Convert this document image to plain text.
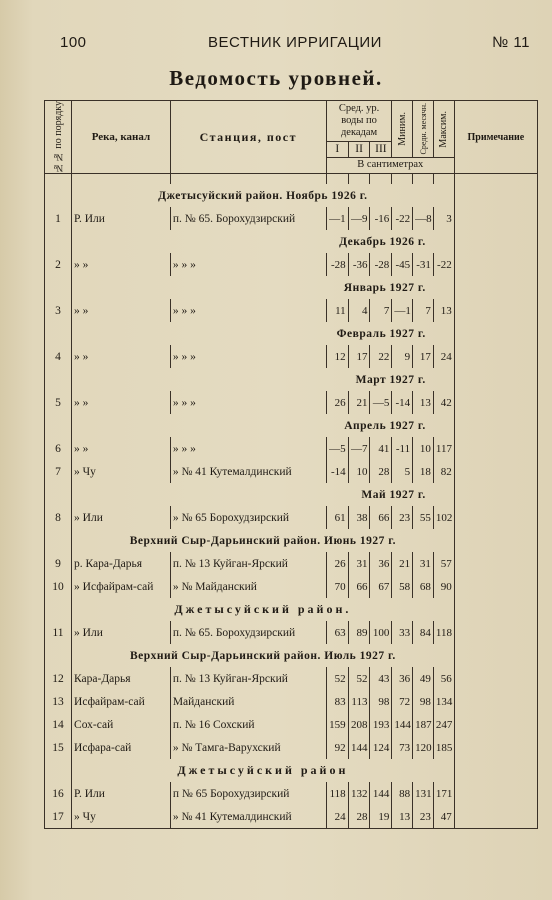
ВЕСТНИК ИРРИГАЦИИ
100	№ 11
Ведомость уровней.
№№ по порядку	Река, канал	Станция, пост	Сред. ур. воды по декадам			Миним.	Средн. месячн.	Максим.	Примечание
			I	II	III				
			В сантиметрах						

	Джетысуйский район. Ноябрь 1926 г.								
1	Р. Или	п. № 65. Борохудзирский	—1	—9	-16	-22	—8	3	
	Декабрь 1926 г.								
2	» »	» » »	-28	-36	-28	-45	-31	-22	
	Январь 1927 г.								
3	» »	» » »	11	4	7	—1	7	13	
	Февраль 1927 г.								
4	» »	» » »	12	17	22	9	17	24	
	Март 1927 г.								
5	» »	» » »	26	21	—5	-14	13	42	
	Апрель 1927 г.								
6	» »	» » »	—5	—7	41	-11	10	117	
7	» Чу	» № 41 Кутемалдинский	-14	10	28	5	18	82	
	Май 1927 г.								
8	» Или	» № 65 Борохудзирский	61	38	66	23	55	102	
	Верхний Сыр-Дарьинский район. Июнь 1927 г.								
9	р. Кара-Дарья	п. № 13 Куйган-Ярский	26	31	36	21	31	57	
10	» Исфайрам-сай	» № Майданский	70	66	67	58	68	90	
	Джетысуйский район.								
11	» Или	п. № 65. Борохудзирский	63	89	100	33	84	118	
	Верхний Сыр-Дарьинский район. Июль 1927 г.								
12	Кара-Дарья	п. № 13 Куйган-Ярский	52	52	43	36	49	56	
13	Исфайрам-сай	Майданский	83	113	98	72	98	134	
14	Сох-сай	п. № 16 Сохский	159	208	193	144	187	247	
15	Исфара-сай	» № Тамга-Варухский	92	144	124	73	120	185	
	Джетысуйский район								
16	Р. Или	п № 65 Борохудзирский	118	132	144	88	131	171	
17	» Чу	» № 41 Кутемалдинский	24	28	19	13	23	47	
